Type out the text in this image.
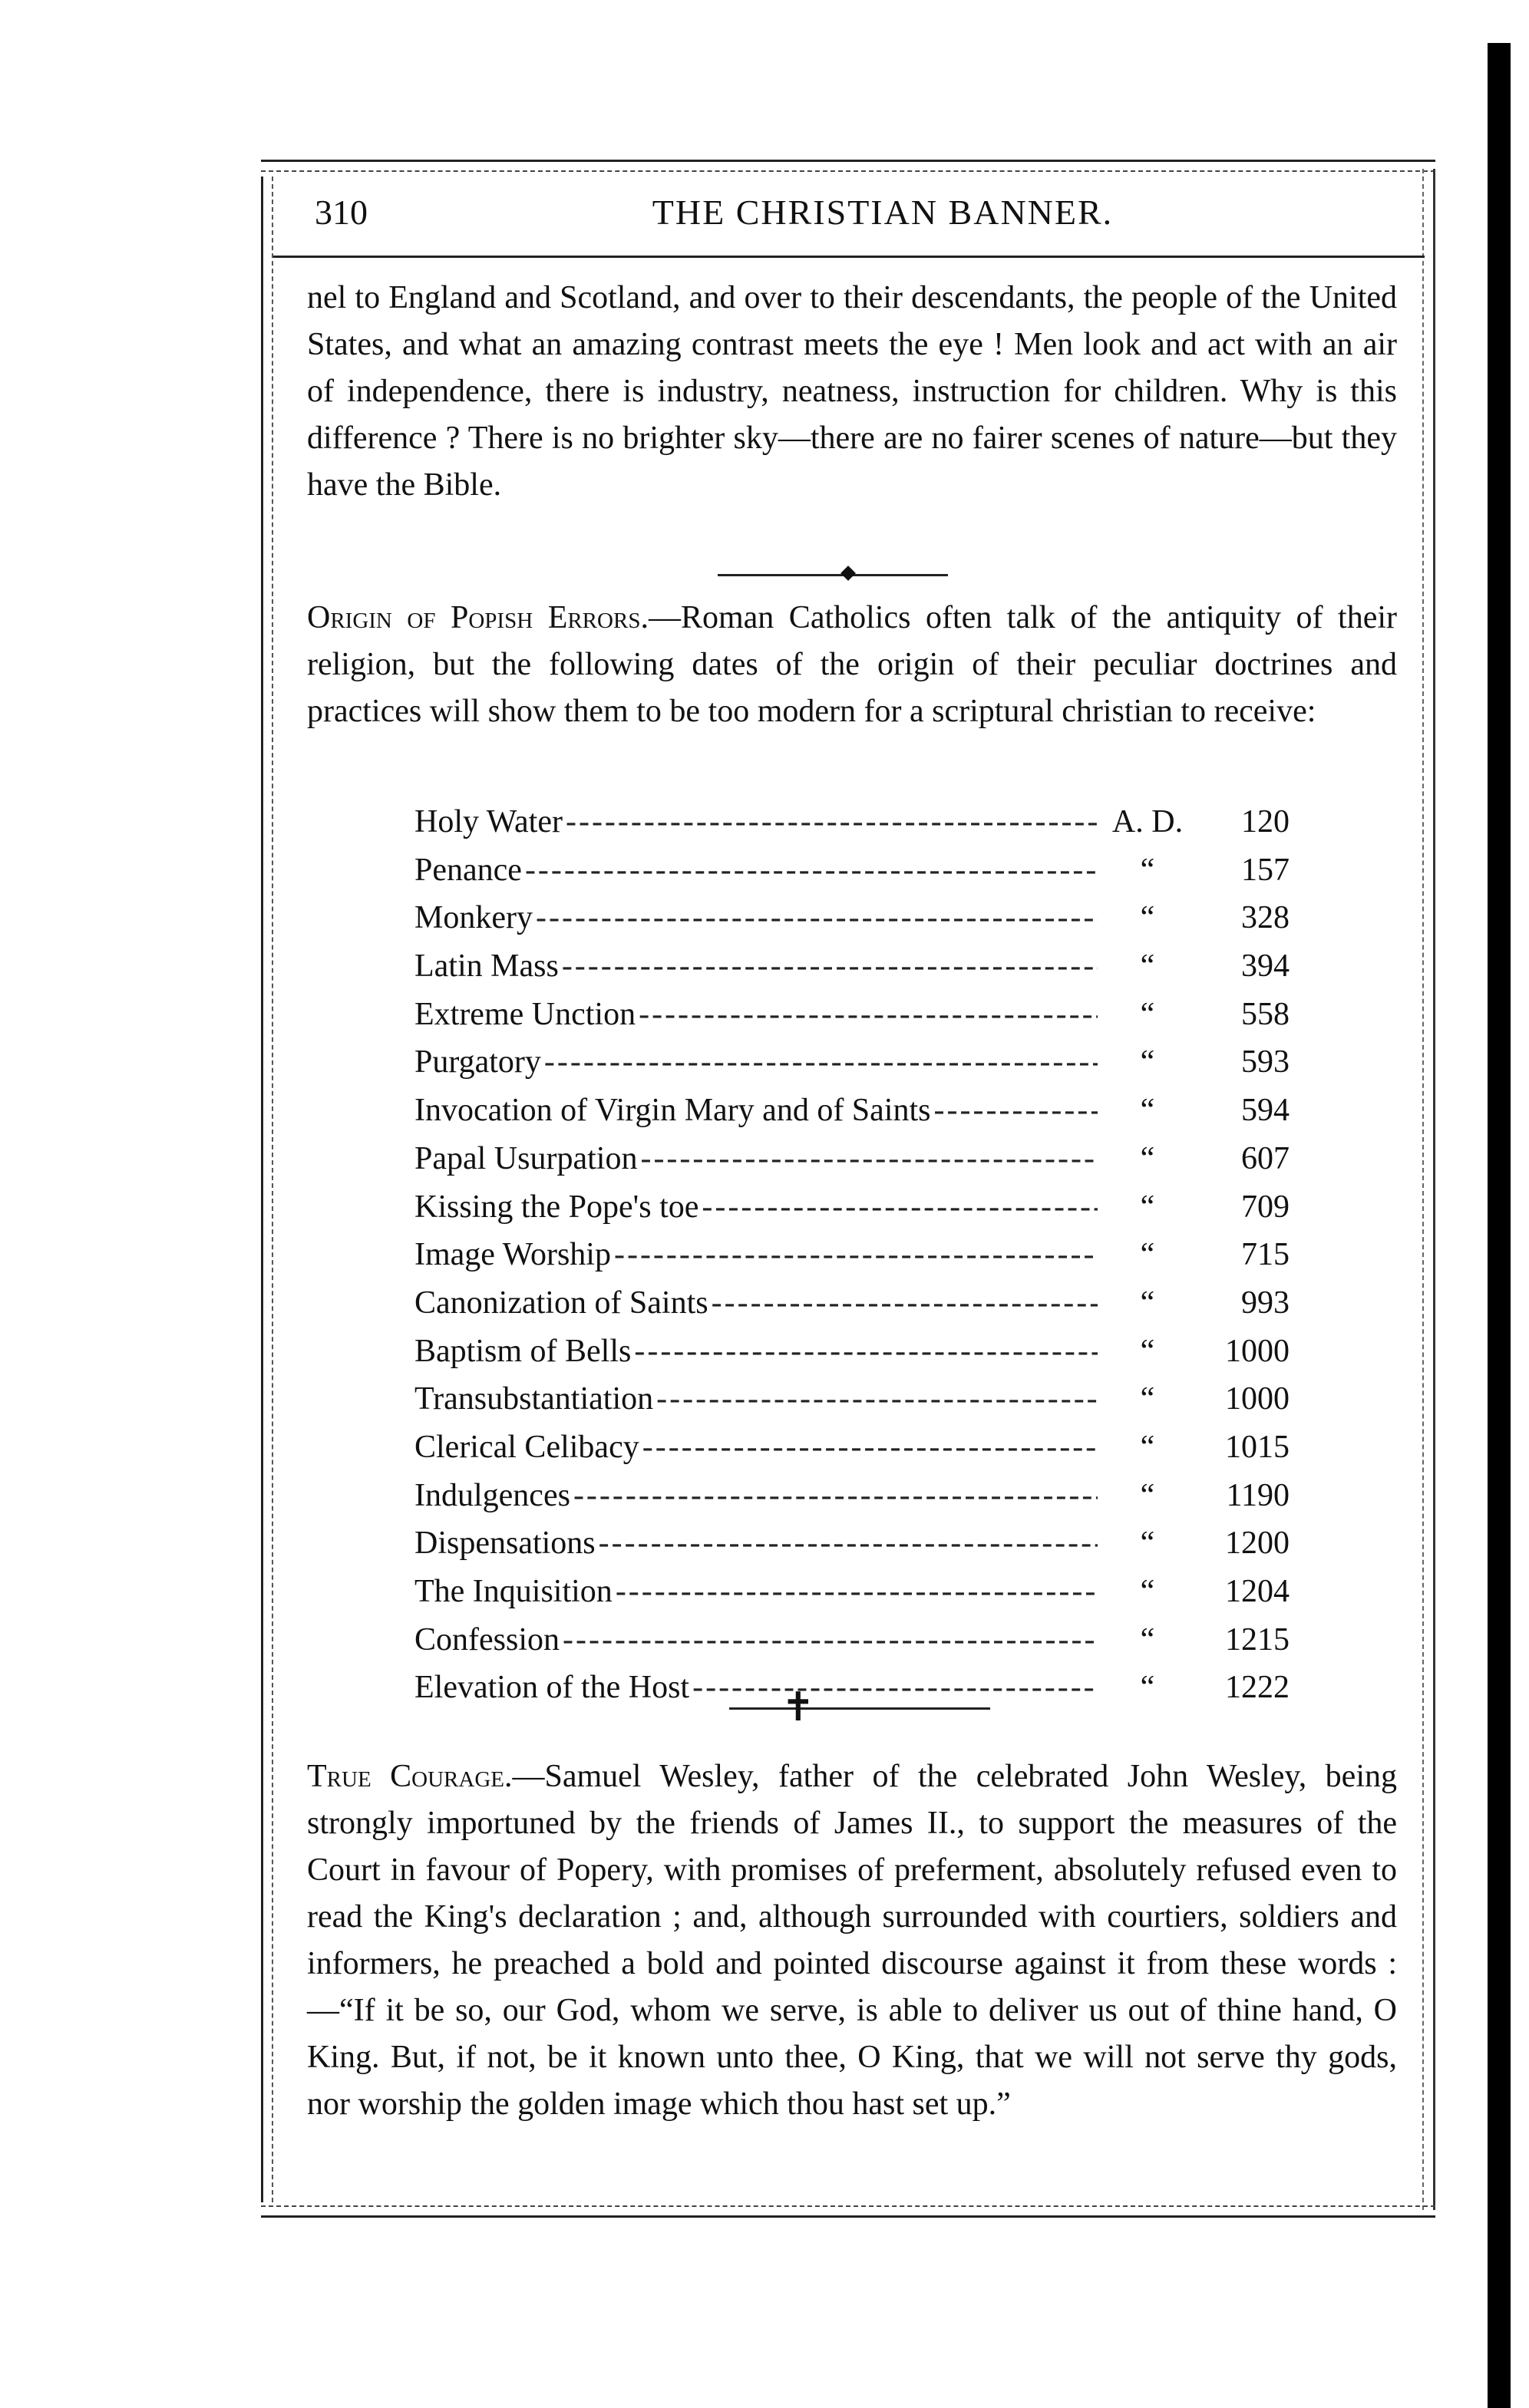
310	THE CHRISTIAN BANNER.

nel to England and Scotland, and over to their descendants, the people of the United States, and what an amazing contrast meets the eye ! Men look and act with an air of independence, there is industry, neatness, instruction for children. Why is this difference ? There is no brighter sky—there are no fairer scenes of nature—but they have the Bible.

Origin of Popish Errors.—Roman Catholics often talk of the antiquity of their religion, but the following dates of the origin of their peculiar doctrines and practices will show them to be too modern for a scriptural christian to receive:

Holy Water -----	A. D.	120
Penance -----	“	157
Monkery -----	“	328
Latin Mass -----	“	394
Extreme Unction -----	“	558
Purgatory -----	“	593
Invocation of Virgin Mary and of Saints -----	“	594
Papal Usurpation -----	“	607
Kissing the Pope's toe -----	“	709
Image Worship -----	“	715
Canonization of Saints -----	“	993
Baptism of Bells -----	“	1000
Transubstantiation -----	“	1000
Clerical Celibacy -----	“	1015
Indulgences -----	“	1190
Dispensations -----	“	1200
The Inquisition -----	“	1204
Confession -----	“	1215
Elevation of the Host -----	“	1222
✝

True Courage.—Samuel Wesley, father of the celebrated John Wesley, being strongly importuned by the friends of James II., to support the measures of the Court in favour of Popery, with promises of preferment, absolutely refused even to read the King's declaration ; and, although surrounded with courtiers, soldiers and informers, he preached a bold and pointed discourse against it from these words :—“If it be so, our God, whom we serve, is able to deliver us out of thine hand, O King. But, if not, be it known unto thee, O King, that we will not serve thy gods, nor worship the golden image which thou hast set up.”
